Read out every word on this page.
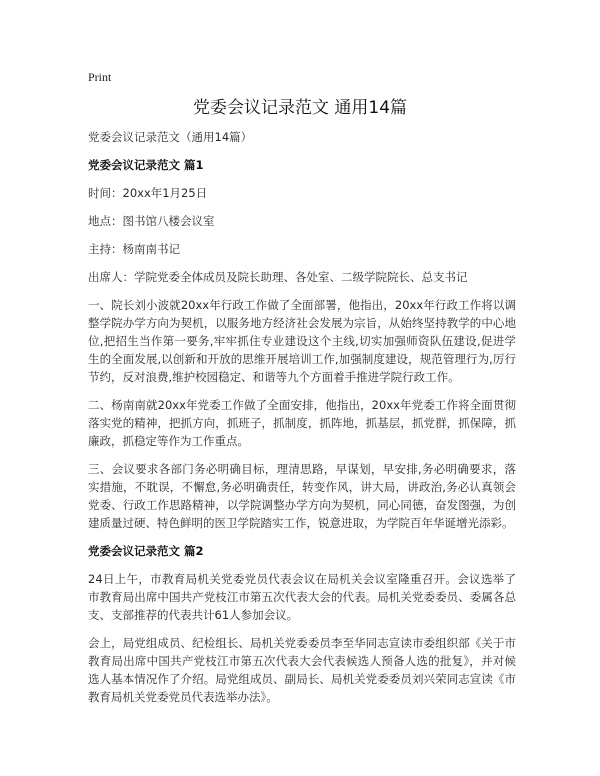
Print
党委会议记录范文 通用14篇

党委会议记录范文（通用14篇）

党委会议记录范文 篇1

时间：20xx年1月25日

地点：图书馆八楼会议室

主持：杨南南书记

出席人：学院党委全体成员及院长助理、各处室、二级学院院长、总支书记

一、院长刘小波就20xx年行政工作做了全面部署，他指出，20xx年行政工作将以调整学院办学方向为契机，以服务地方经济社会发展为宗旨，从始终坚持教学的中心地位,把招生当作第一要务,牢牢抓住专业建设这个主线,切实加强师资队伍建设,促进学生的全面发展,以创新和开放的思维开展培训工作,加强制度建设，规范管理行为,厉行节约，反对浪费,维护校园稳定、和谐等九个方面着手推进学院行政工作。

二、杨南南就20xx年党委工作做了全面安排，他指出，20xx年党委工作将全面贯彻落实党的精神，把抓方向，抓班子，抓制度，抓阵地，抓基层，抓党群，抓保障，抓廉政，抓稳定等作为工作重点。

三、会议要求各部门务必明确目标，理清思路，早谋划，早安排,务必明确要求，落实措施，不耽误，不懈怠,务必明确责任，转变作风，讲大局，讲政治,务必认真领会党委、行政工作思路精神，以学院调整办学方向为契机，同心同德，奋发图强，为创建质量过硬、特色鲜明的医卫学院踏实工作，锐意进取，为学院百年华诞增光添彩。

党委会议记录范文 篇2

24日上午，市教育局机关党委党员代表会议在局机关会议室隆重召开。会议选举了市教育局出席中国共产党枝江市第五次代表大会的代表。局机关党委委员、委属各总支、支部推荐的代表共计61人参加会议。

会上，局党组成员、纪检组长、局机关党委委员李至华同志宣读市委组织部《关于市教育局出席中国共产党枝江市第五次代表大会代表候选人预备人选的批复》，并对候选人基本情况作了介绍。局党组成员、副局长、局机关党委委员刘兴荣同志宣读《市教育局机关党委党员代表选举办法》。
